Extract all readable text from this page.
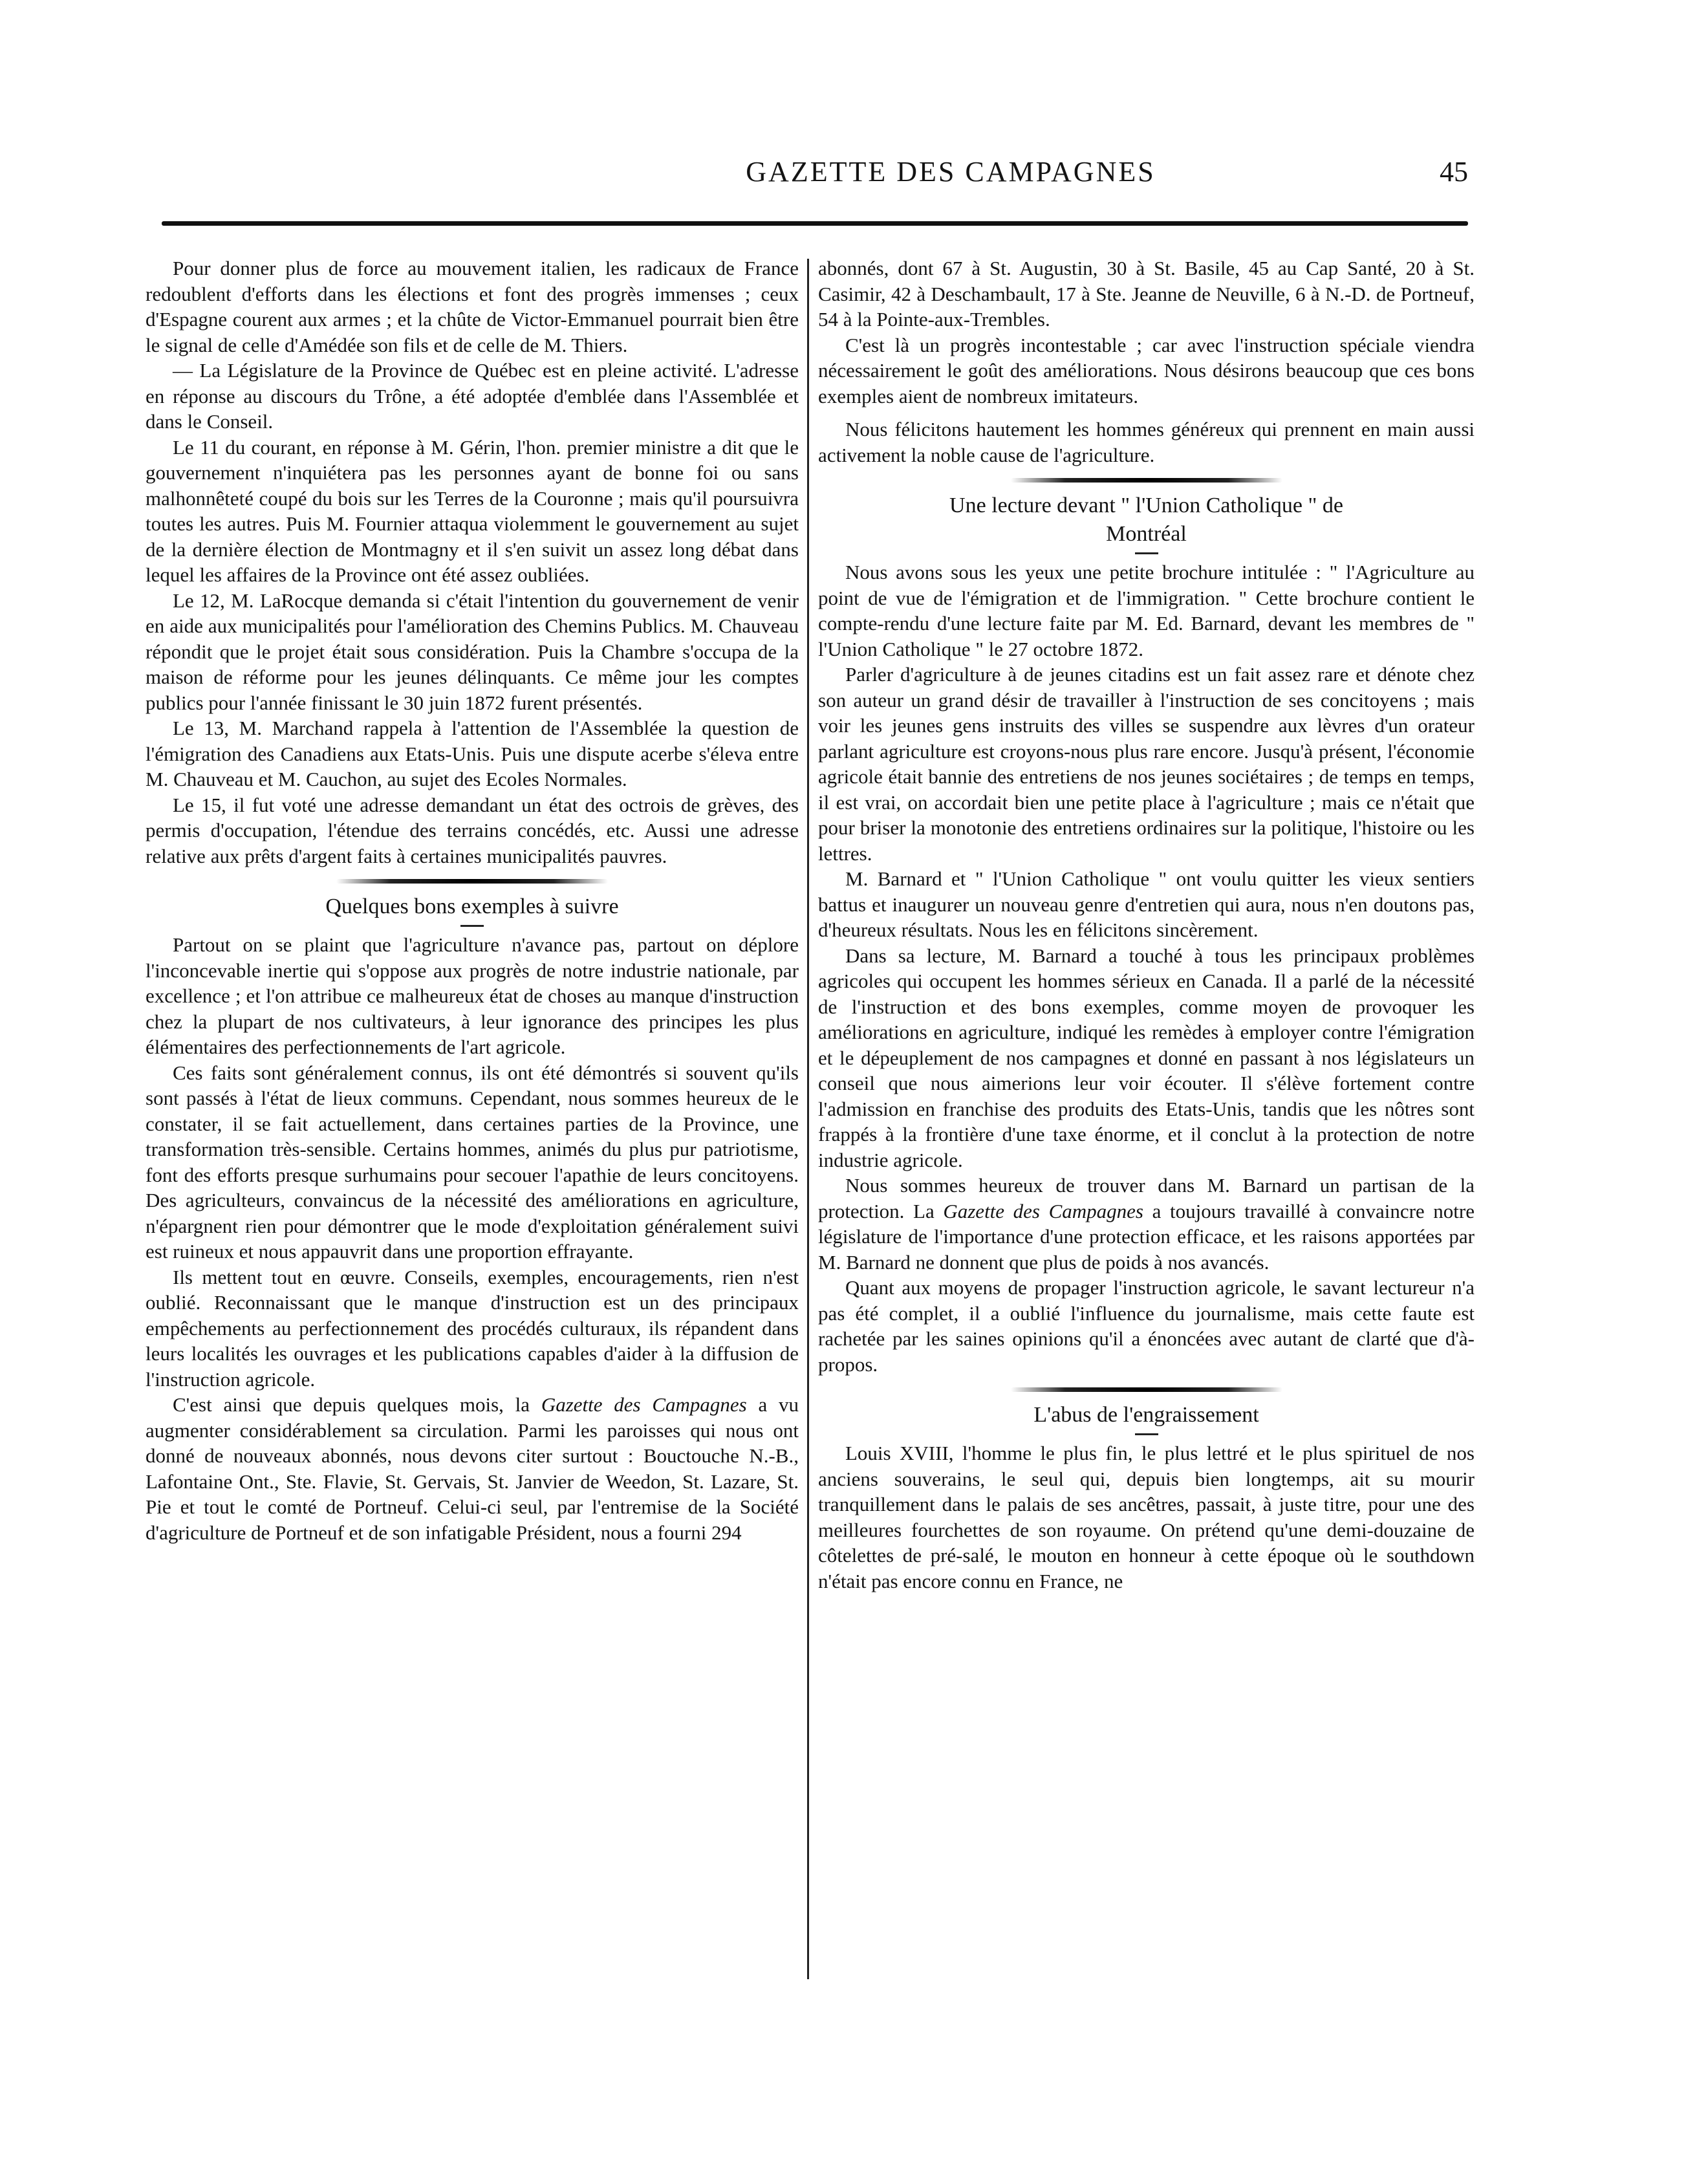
GAZETTE DES CAMPAGNES	45

Pour donner plus de force au mouvement italien, les radicaux de France redoublent d'efforts dans les élections et font des progrès immenses ; ceux d'Espagne courent aux armes ; et la chûte de Victor-Emmanuel pourrait bien être le signal de celle d'Amédée son fils et de celle de M. Thiers.

— La Législature de la Province de Québec est en pleine activité. L'adresse en réponse au discours du Trône, a été adoptée d'emblée dans l'Assemblée et dans le Conseil.

Le 11 du courant, en réponse à M. Gérin, l'hon. premier ministre a dit que le gouvernement n'inquiétera pas les personnes ayant de bonne foi ou sans malhonnêteté coupé du bois sur les Terres de la Couronne ; mais qu'il poursuivra toutes les autres. Puis M. Fournier attaqua violemment le gouvernement au sujet de la dernière élection de Montmagny et il s'en suivit un assez long débat dans lequel les affaires de la Province ont été assez oubliées.

Le 12, M. LaRocque demanda si c'était l'intention du gouvernement de venir en aide aux municipalités pour l'amélioration des Chemins Publics. M. Chauveau répondit que le projet était sous considération. Puis la Chambre s'occupa de la maison de réforme pour les jeunes délinquants. Ce même jour les comptes publics pour l'année finissant le 30 juin 1872 furent présentés.

Le 13, M. Marchand rappela à l'attention de l'Assemblée la question de l'émigration des Canadiens aux Etats-Unis. Puis une dispute acerbe s'éleva entre M. Chauveau et M. Cauchon, au sujet des Ecoles Normales.

Le 15, il fut voté une adresse demandant un état des octrois de grèves, des permis d'occupation, l'étendue des terrains concédés, etc. Aussi une adresse relative aux prêts d'argent faits à certaines municipalités pauvres.

Quelques bons exemples à suivre

Partout on se plaint que l'agriculture n'avance pas, partout on déplore l'inconcevable inertie qui s'oppose aux progrès de notre industrie nationale, par excellence ; et l'on attribue ce malheureux état de choses au manque d'instruction chez la plupart de nos cultivateurs, à leur ignorance des principes les plus élémentaires des perfectionnements de l'art agricole.

Ces faits sont généralement connus, ils ont été démontrés si souvent qu'ils sont passés à l'état de lieux communs. Cependant, nous sommes heureux de le constater, il se fait actuellement, dans certaines parties de la Province, une transformation très-sensible. Certains hommes, animés du plus pur patriotisme, font des efforts presque surhumains pour secouer l'apathie de leurs concitoyens. Des agriculteurs, convaincus de la nécessité des améliorations en agriculture, n'épargnent rien pour démontrer que le mode d'exploitation généralement suivi est ruineux et nous appauvrit dans une proportion effrayante.

Ils mettent tout en œuvre. Conseils, exemples, encouragements, rien n'est oublié. Reconnaissant que le manque d'instruction est un des principaux empêchements au perfectionnement des procédés culturaux, ils répandent dans leurs localités les ouvrages et les publications capables d'aider à la diffusion de l'instruction agricole.

C'est ainsi que depuis quelques mois, la Gazette des Campagnes a vu augmenter considérablement sa circulation. Parmi les paroisses qui nous ont donné de nouveaux abonnés, nous devons citer surtout : Bouctouche N.-B., Lafontaine Ont., Ste. Flavie, St. Gervais, St. Janvier de Weedon, St. Lazare, St. Pie et tout le comté de Portneuf. Celui-ci seul, par l'entremise de la Société d'agriculture de Portneuf et de son infatigable Président, nous a fourni 294

abonnés, dont 67 à St. Augustin, 30 à St. Basile, 45 au Cap Santé, 20 à St. Casimir, 42 à Deschambault, 17 à Ste. Jeanne de Neuville, 6 à N.-D. de Portneuf, 54 à la Pointe-aux-Trembles.

C'est là un progrès incontestable ; car avec l'instruction spéciale viendra nécessairement le goût des améliorations. Nous désirons beaucoup que ces bons exemples aient de nombreux imitateurs.

Nous félicitons hautement les hommes généreux qui prennent en main aussi activement la noble cause de l'agriculture.

Une lecture devant " l'Union Catholique " de
Montréal

Nous avons sous les yeux une petite brochure intitulée : " l'Agriculture au point de vue de l'émigration et de l'immigration. " Cette brochure contient le compte-rendu d'une lecture faite par M. Ed. Barnard, devant les membres de " l'Union Catholique " le 27 octobre 1872.

Parler d'agriculture à de jeunes citadins est un fait assez rare et dénote chez son auteur un grand désir de travailler à l'instruction de ses concitoyens ; mais voir les jeunes gens instruits des villes se suspendre aux lèvres d'un orateur parlant agriculture est croyons-nous plus rare encore. Jusqu'à présent, l'économie agricole était bannie des entretiens de nos jeunes sociétaires ; de temps en temps, il est vrai, on accordait bien une petite place à l'agriculture ; mais ce n'était que pour briser la monotonie des entretiens ordinaires sur la politique, l'histoire ou les lettres.

M. Barnard et " l'Union Catholique " ont voulu quitter les vieux sentiers battus et inaugurer un nouveau genre d'entretien qui aura, nous n'en doutons pas, d'heureux résultats. Nous les en félicitons sincèrement.

Dans sa lecture, M. Barnard a touché à tous les principaux problèmes agricoles qui occupent les hommes sérieux en Canada. Il a parlé de la nécessité de l'instruction et des bons exemples, comme moyen de provoquer les améliorations en agriculture, indiqué les remèdes à employer contre l'émigration et le dépeuplement de nos campagnes et donné en passant à nos législateurs un conseil que nous aimerions leur voir écouter. Il s'élève fortement contre l'admission en franchise des produits des Etats-Unis, tandis que les nôtres sont frappés à la frontière d'une taxe énorme, et il conclut à la protection de notre industrie agricole.

Nous sommes heureux de trouver dans M. Barnard un partisan de la protection. La Gazette des Campagnes a toujours travaillé à convaincre notre législature de l'importance d'une protection efficace, et les raisons apportées par M. Barnard ne donnent que plus de poids à nos avancés.

Quant aux moyens de propager l'instruction agricole, le savant lectureur n'a pas été complet, il a oublié l'influence du journalisme, mais cette faute est rachetée par les saines opinions qu'il a énoncées avec autant de clarté que d'à-propos.

L'abus de l'engraissement

Louis XVIII, l'homme le plus fin, le plus lettré et le plus spirituel de nos anciens souverains, le seul qui, depuis bien longtemps, ait su mourir tranquillement dans le palais de ses ancêtres, passait, à juste titre, pour une des meilleures fourchettes de son royaume. On prétend qu'une demi-douzaine de côtelettes de pré-salé, le mouton en honneur à cette époque où le southdown n'était pas encore connu en France, ne
